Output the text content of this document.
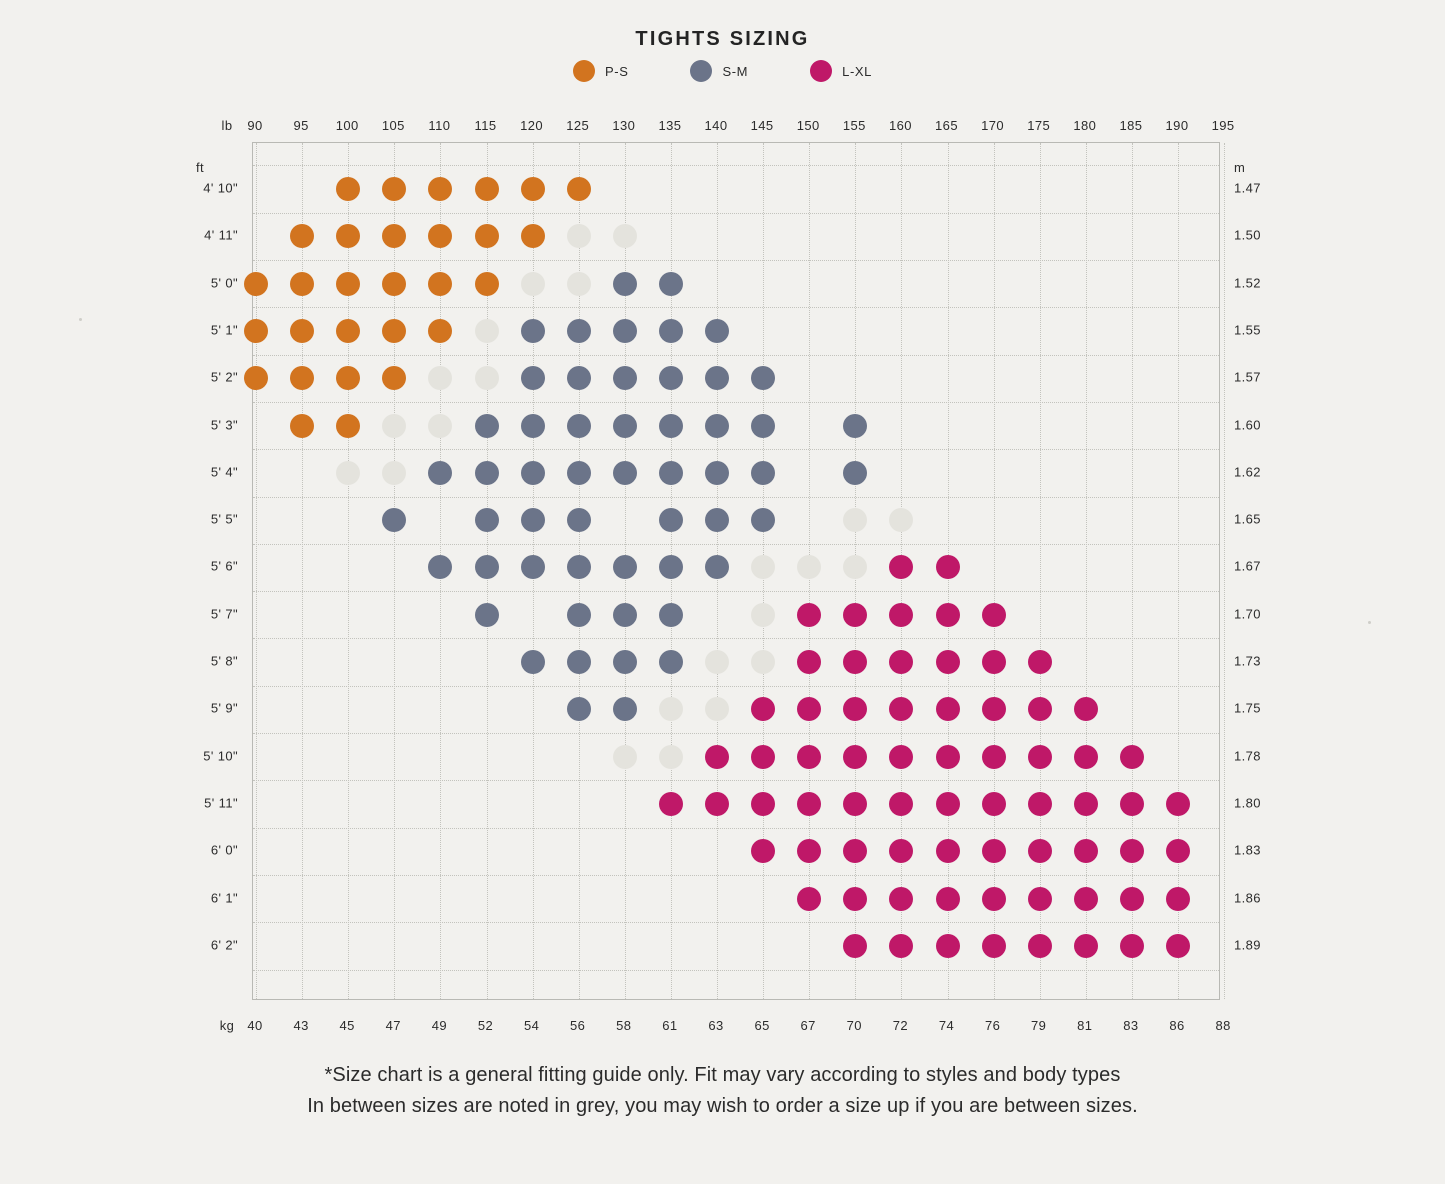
TIGHTS SIZING
P-S	S-M	L-XL
lb
kg
ft	m
90 95 100 105 110 115 120 125 130 135 140 145 150 155 160 165 170 175 180 185 190 195
40 43 45 47 49 52 54 56 58 61 63 65 67 70 72 74 76 79 81 83 86 88
4' 10"
4' 11"
5' 0"
5' 1"
5' 2"
5' 3"
5' 4"
5' 5"
5' 6"
5' 7"
5' 8"
5' 9"
5' 10"
5' 11"
6' 0"
6' 1"
6' 2"
1.47
1.50
1.52
1.55
1.57
1.60
1.62
1.65
1.67
1.70
1.73
1.75
1.78
1.80
1.83
1.86
1.89
*Size chart is a general fitting guide only. Fit may vary according to styles and body types
In between sizes are noted in grey, you may wish to order a size up if you are between sizes.
